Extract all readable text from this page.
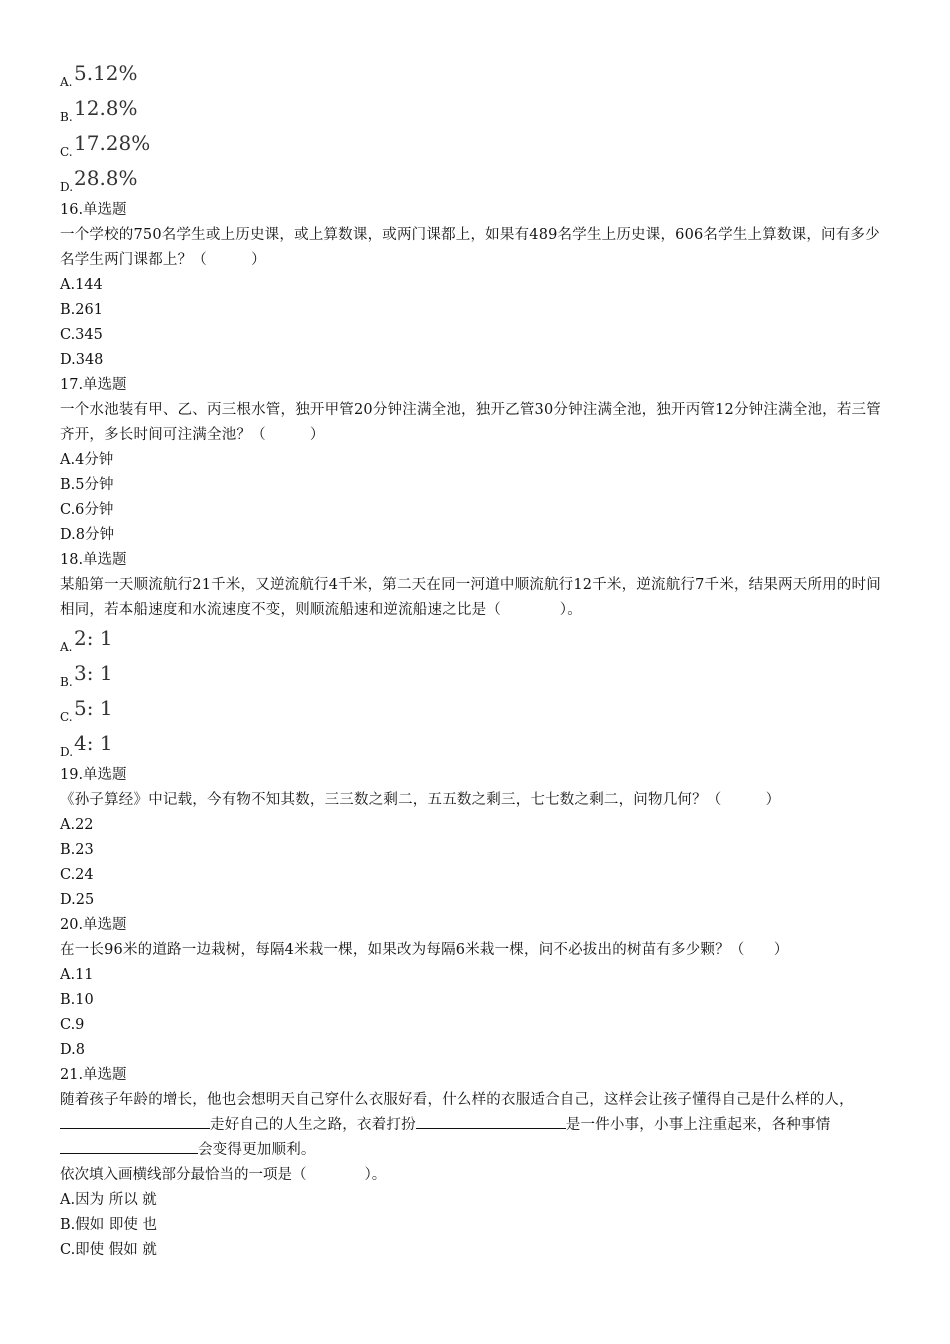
A. 5.12%
B. 12.8%
C. 17.28%
D. 28.8%
16.单选题
一个学校的750名学生或上历史课，或上算数课，或两门课都上，如果有489名学生上历史课，606名学生上算数课，问有多少名学生两门课都上？（　　　）
A.144
B.261
C.345
D.348
17.单选题
一个水池装有甲、乙、丙三根水管，独开甲管20分钟注满全池，独开乙管30分钟注满全池，独开丙管12分钟注满全池，若三管齐开，多长时间可注满全池？（　　　）
A.4分钟
B.5分钟
C.6分钟
D.8分钟
18.单选题
某船第一天顺流航行21千米，又逆流航行4千米，第二天在同一河道中顺流航行12千米，逆流航行7千米，结果两天所用的时间相同，若本船速度和水流速度不变，则顺流船速和逆流船速之比是（　　　　）。
A. 2: 1
B. 3: 1
C. 5: 1
D. 4: 1
19.单选题
《孙子算经》中记载，今有物不知其数，三三数之剩二，五五数之剩三，七七数之剩二，问物几何？（　　　）
A.22
B.23
C.24
D.25
20.单选题
在一长96米的道路一边栽树，每隔4米栽一棵，如果改为每隔6米栽一棵，问不必拔出的树苗有多少颗？（　　）
A.11
B.10
C.9
D.8
21.单选题
随着孩子年龄的增长，他也会想明天自己穿什么衣服好看，什么样的衣服适合自己，这样会让孩子懂得自己是什么样的人，走好自己的人生之路，衣着打扮	是一件小事，小事上注重起来，各种事情会变得更加顺利。
依次填入画横线部分最恰当的一项是（　　　　）。
A.因为 所以 就
B.假如 即使 也
C.即使 假如 就
